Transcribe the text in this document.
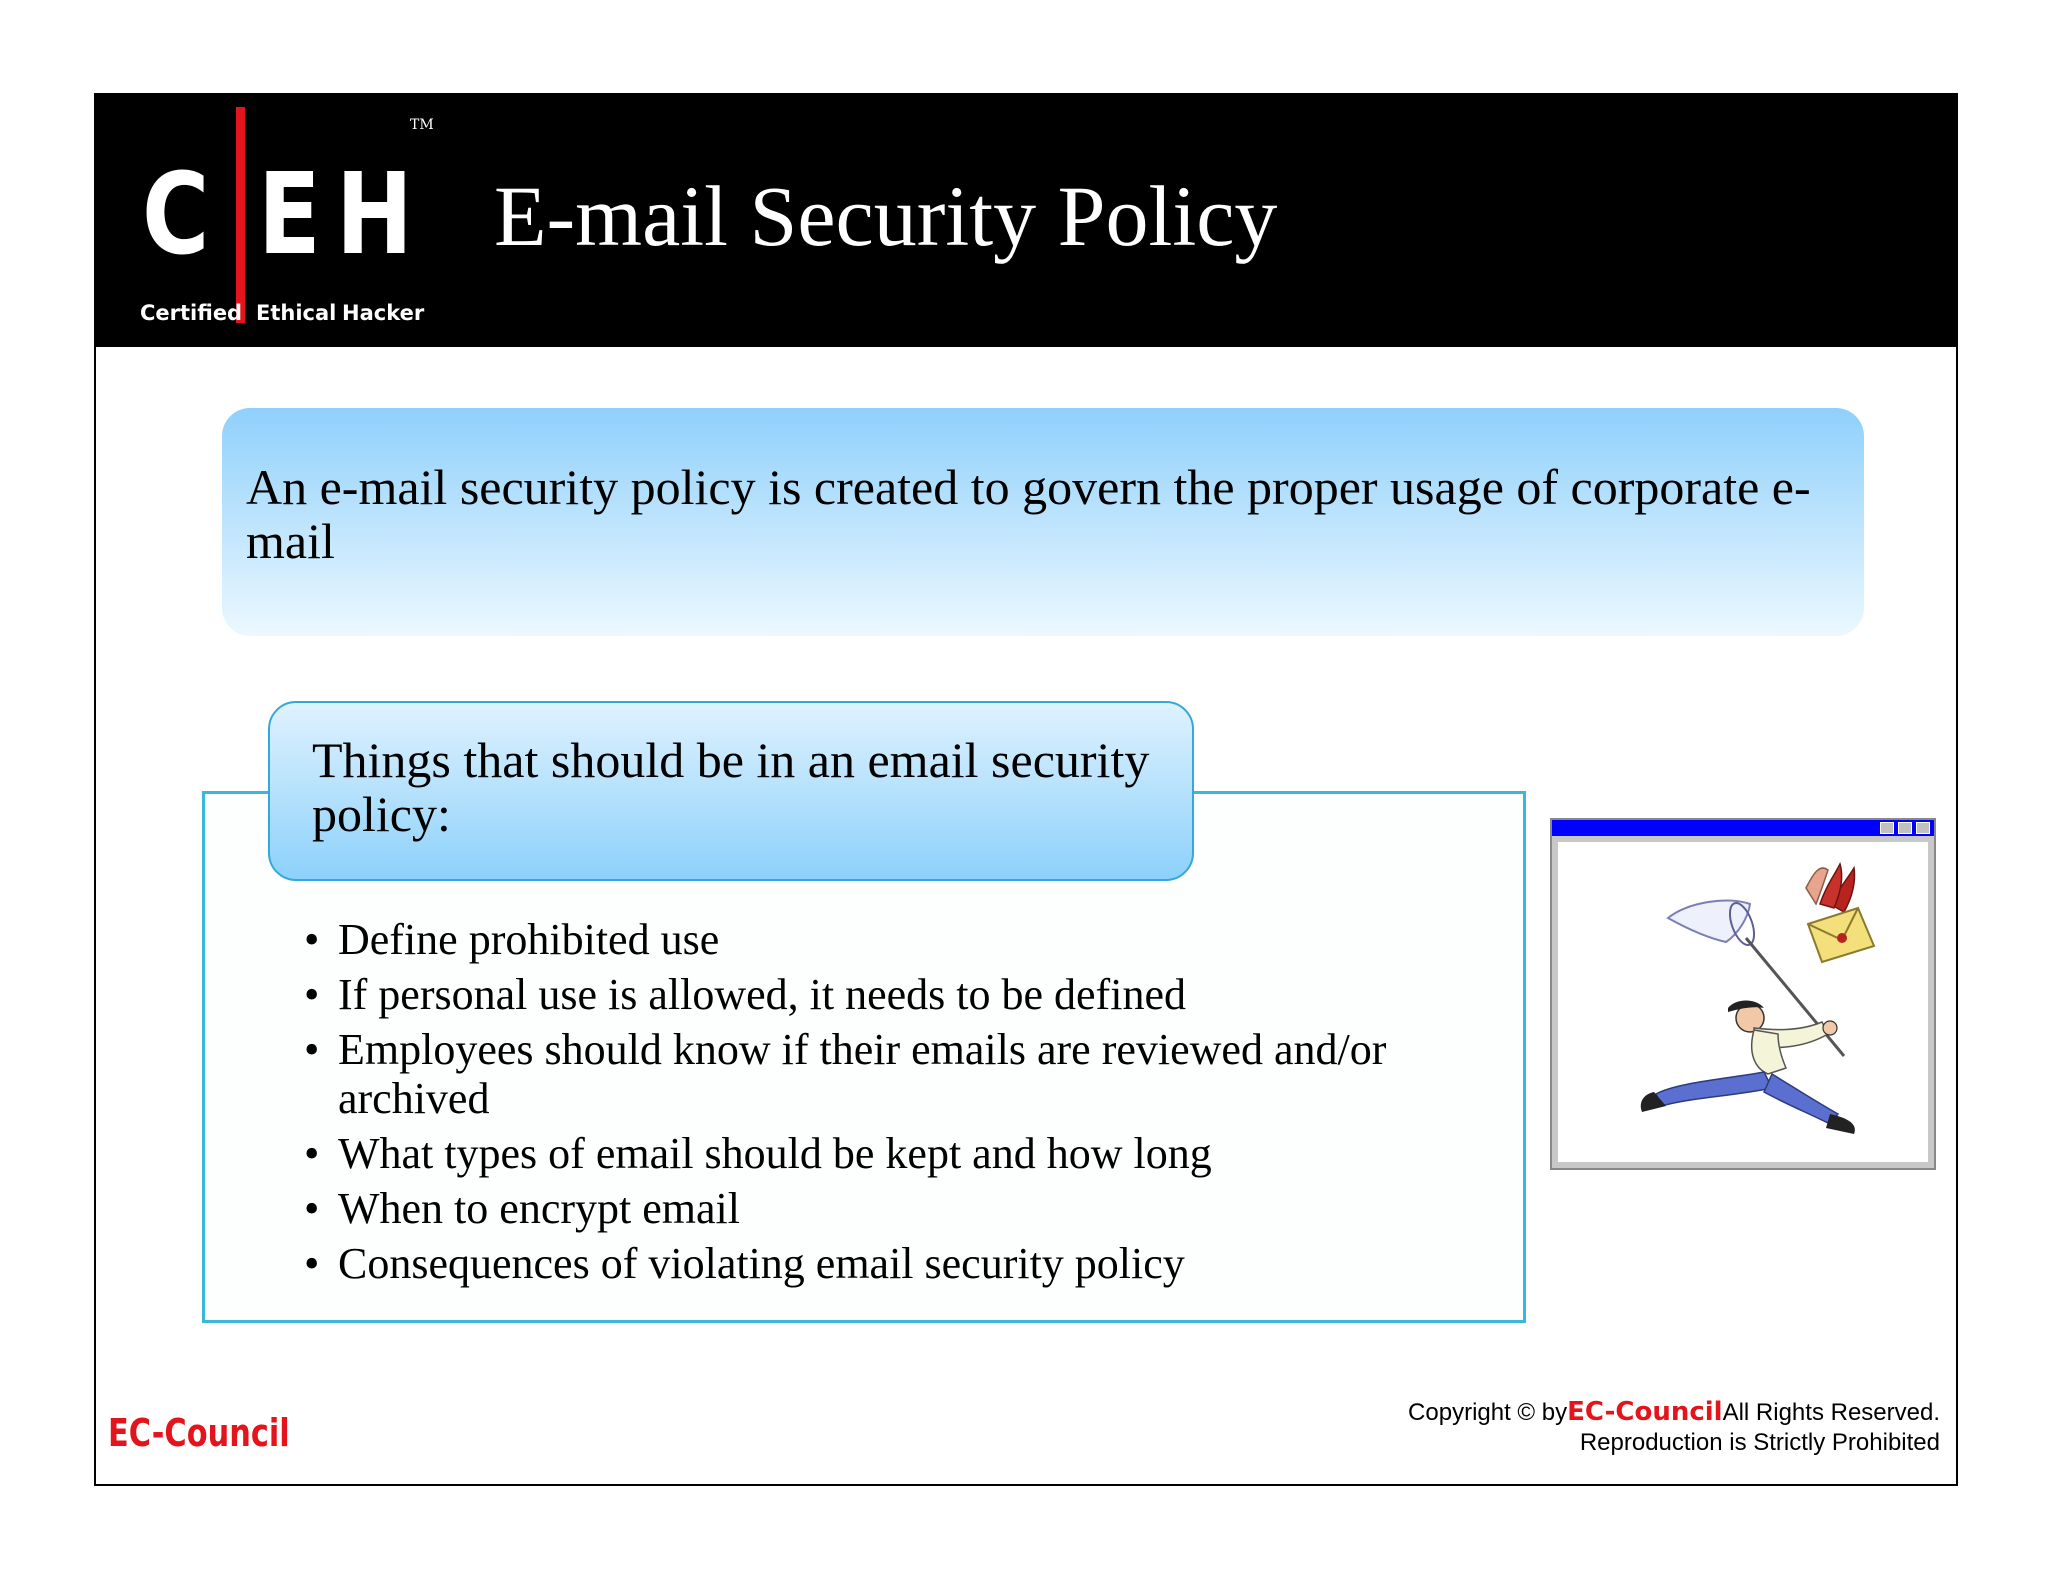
C E H
TM
Certified Ethical Hacker
E-mail Security Policy
An e-mail security policy is created to govern the proper usage of corporate e-mail
Things that should be in an email security policy:
• Define prohibited use
• If personal use is allowed, it needs to be defined
• Employees should know if their emails are reviewed and/or archived
• What types of email should be kept and how long
• When to encrypt email
• Consequences of violating email security policy
EC-Council	Copyright © byEC-CouncilAll Rights Reserved.
Reproduction is Strictly Prohibited
